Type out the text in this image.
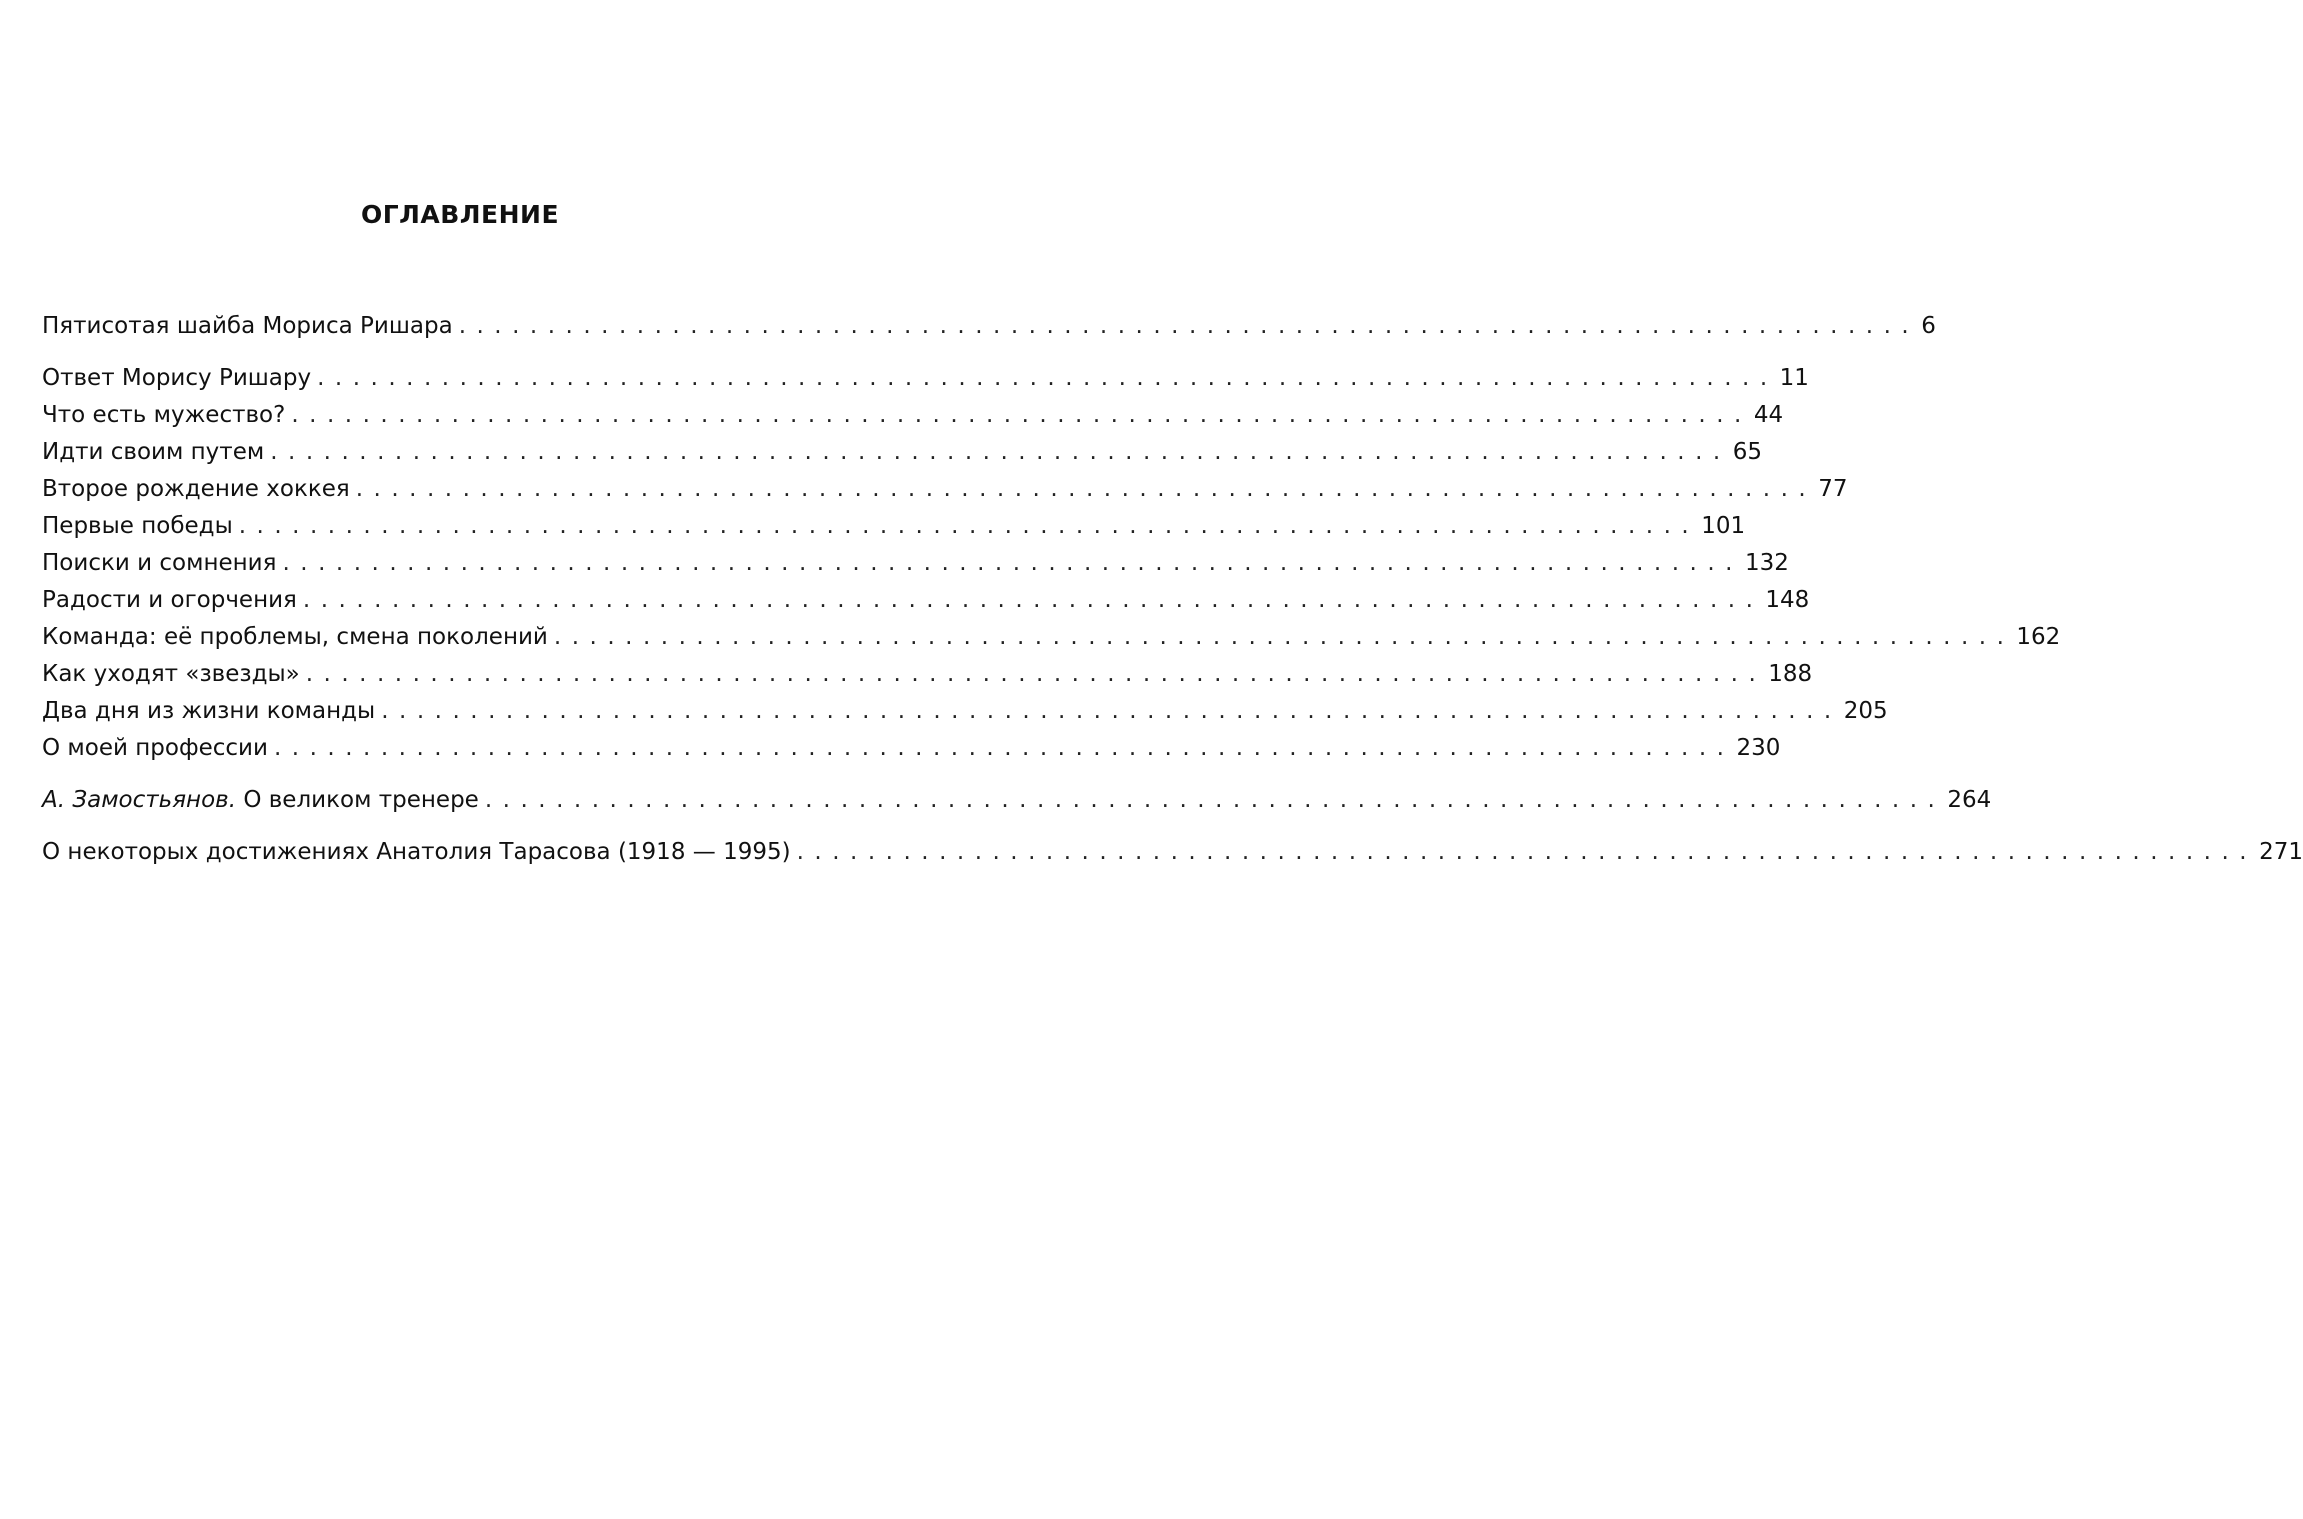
ОГЛАВЛЕНИЕ
Пятисотая шайба Мориса Ришара .................................................................................. 6
Ответ Морису Ришару .................................................................................. 11
Что есть мужество? .................................................................................. 44
Идти своим путем .................................................................................. 65
Второе рождение хоккея .................................................................................. 77
Первые победы .................................................................................. 101
Поиски и сомнения .................................................................................. 132
Радости и огорчения .................................................................................. 148
Команда: её проблемы, смена поколений .................................................................................. 162
Как уходят «звезды» .................................................................................. 188
Два дня из жизни команды .................................................................................. 205
О моей профессии .................................................................................. 230
А. Замостьянов. О великом тренере .................................................................................. 264
О некоторых достижениях Анатолия Тарасова (1918 — 1995) .................................................................................. 271
